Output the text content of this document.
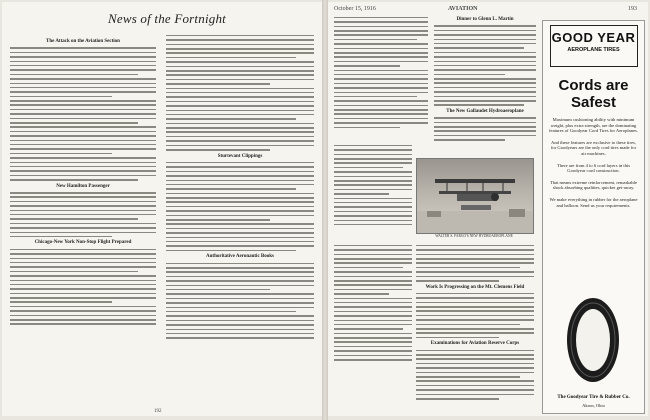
News of the Fortnight
The Attack on the Aviation Section
New Hamilton Passenger
Chicago-New York Non-Stop Flight Prepared
Sturtevant Clippings
Authoritative Aeronautic Books
192
October 15, 1916	AVIATION	193
Dinner to Glenn L. Martin
The New Gallaudet Hydroaeroplane
WALTER S. FARGO'S NEW HYDROAEROPLANE
Work Is Progressing on the Mt. Clemens Field
Examinations for Aviation Reserve Corps
GOOD YEAR
AEROPLANE TIRES
Cords are Safest

Maximum cushioning ability with minimum weight, plus extra strength, are the dominating features of Goodyear Cord Tires for Aeroplanes.

And these features are exclusive to these tires, for Goodyears are the only cord tires made for air machines.

There are from 4 to 6 cord layers in this Goodyear cord construction.

That means extreme reinforcement, remarkable shock absorbing qualities, quicker get-away.

We make everything in rubber for the aeroplane and balloon. Send us your requirements.

The Goodyear Tire & Rubber Co.
Akron, Ohio
